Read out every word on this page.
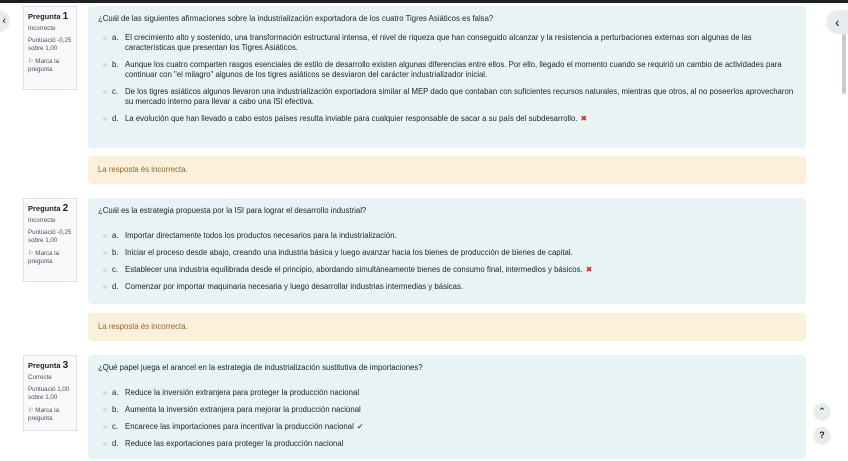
‹	‹
Pregunta 1
Incorrecte
Puntuació -0,25 sobre 1,00
⚐ Marca la pregunta
¿Cuál de las siguientes afirmaciones sobre la industrialización exportadora de los cuatro Tigres Asiáticos es falsa?
a. El crecimiento alto y sostenido, una transformación estructural intensa, el nivel de riqueza que han conseguido alcanzar y la resistencia a perturbaciones externas son algunas de las características que presentan los Tigres Asiáticos.
b. Aunque los cuatro comparten rasgos esenciales de estilo de desarrollo existen algunas diferencias entre ellos. Por ello, llegado el momento cuando se requirió un cambio de actividades para continuar con "el milagro" algunos de los tigres asiáticos se desviaron del carácter industrializador inicial.
c. De los tigres asiáticos algunos llevaron una industrialización exportadora similar al MEP dado que contaban con suficientes recursos naturales, mientras que otros, al no poseerlos aprovecharon su mercado interno para llevar a cabo una ISI efectiva.
d. La evolución que han llevado a cabo estos países resulta inviable para cualquier responsable de sacar a su país del subdesarrollo. ✖
La resposta és incorrecta.
Pregunta 2
Incorrecte
Puntuació -0,25 sobre 1,00
⚐ Marca la pregunta
¿Cuál es la estrategia propuesta por la ISI para lograr el desarrollo industrial?
a. Importar directamente todos los productos necesarios para la industrialización.
b. Iniciar el proceso desde abajo, creando una industria básica y luego avanzar hacia los bienes de producción de bienes de capital.
c. Establecer una industria equilibrada desde el principio, abordando simultáneamente bienes de consumo final, intermedios y básicos. ✖
d. Comenzar por importar maquinaria necesaria y luego desarrollar industrias intermedias y básicas.
La resposta és incorrecta.
Pregunta 3
Correcte
Puntuació 1,00 sobre 1,00
⚐ Marca la pregunta
¿Qué papel juega el arancel en la estrategia de industrialización sustitutiva de importaciones?
a. Reduce la inversión extranjera para proteger la producción nacional
b. Aumenta la inversión extranjera para mejorar la producción nacional
c. Encarece las importaciones para incentivar la producción nacional ✔
d. Reduce las exportaciones para proteger la producción nacional
⌃
?
